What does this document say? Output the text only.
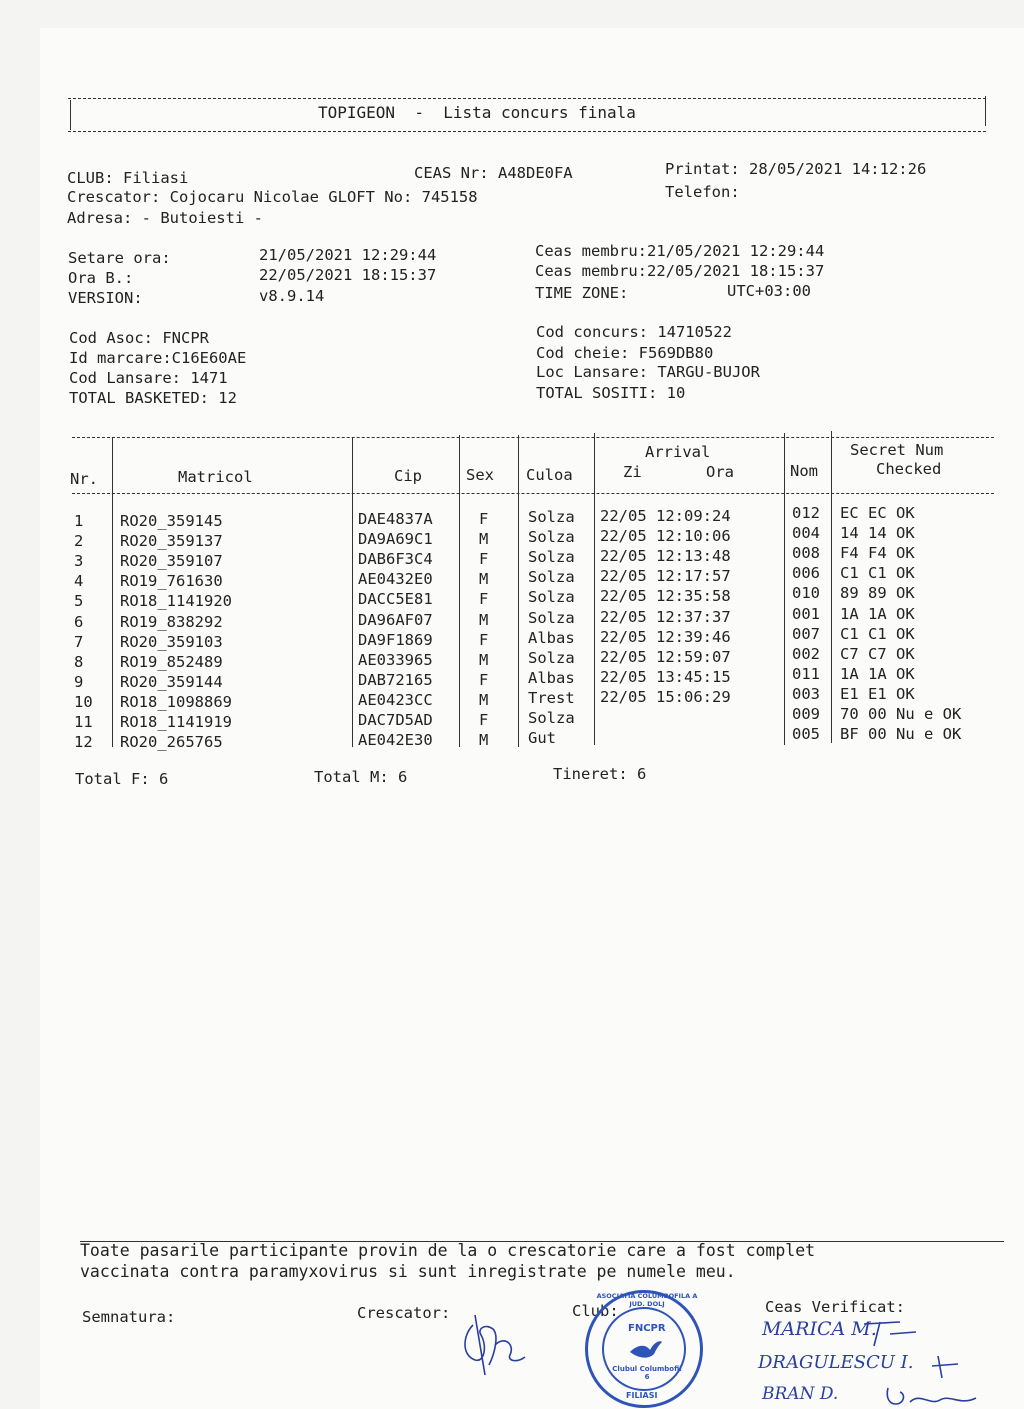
TOPIGEON  -  Lista concurs finala
CLUB: Filiasi	CEAS Nr: A48DE0FA	Printat: 28/05/2021 14:12:26
Crescator: Cojocaru Nicolae GLOFT No: 745158	Telefon:
Adresa: - Butoiesti -
Setare ora:	21/05/2021 12:29:44
Ora B.:	22/05/2021 18:15:37
VERSION:	v8.9.14
Ceas membru:21/05/2021 12:29:44
Ceas membru:22/05/2021 18:15:37
TIME ZONE:	UTC+03:00
Cod Asoc: FNCPR
Id marcare:C16E60AE
Cod Lansare: 1471
TOTAL BASKETED: 12
Cod concurs: 14710522
Cod cheie: F569DB80
Loc Lansare: TARGU-BUJOR
TOTAL SOSITI: 10
Nr.	Matricol	Cip	Sex Culoa
Arrival
Zi	Ora	Nom
Secret Num
Checked
1 RO20_359145	DAE4837A	F	Solza 22/05 12:09:24	012 EC EC OK
2 RO20_359137	DA9A69C1	M	Solza 22/05 12:10:06	004 14 14 OK
3 RO20_359107	DAB6F3C4	F	Solza 22/05 12:13:48	008 F4 F4 OK
4 RO19_761630	AE0432E0	M	Solza 22/05 12:17:57	006 C1 C1 OK
5 RO18_1141920	DACC5E81	F	Solza 22/05 12:35:58	010 89 89 OK
6 RO19_838292	DA96AF07	M	Solza 22/05 12:37:37	001 1A 1A OK
7 RO20_359103	DA9F1869	F	Albas 22/05 12:39:46	007 C1 C1 OK
8 RO19_852489	AE033965	M	Solza 22/05 12:59:07	002 C7 C7 OK
9 RO20_359144	DAB72165	F	Albas 22/05 13:45:15	011 1A 1A OK
10 RO18_1098869	AE0423CC	M	Trest 22/05 15:06:29	003 E1 E1 OK
11 RO18_1141919	DAC7D5AD	F	Solza	009 70 00 Nu e OK
12 RO20_265765	AE042E30	M	Gut	005 BF 00 Nu e OK
Total F: 6	Total M: 6	Tineret: 6
Toate pasarile participante provin de la o crescatorie care a fost complet
vaccinata contra paramyxovirus si sunt inregistrate pe numele meu.
Semnatura:	Crescator:	Club:	Ceas Verificat:
ASOCIATIA COLUMBOFILA A JUD. DOLJ
FNCPR
Clubul Columbofil 6
FILIASI
MARICA M.
DRAGULESCU I.
BRAN D.
